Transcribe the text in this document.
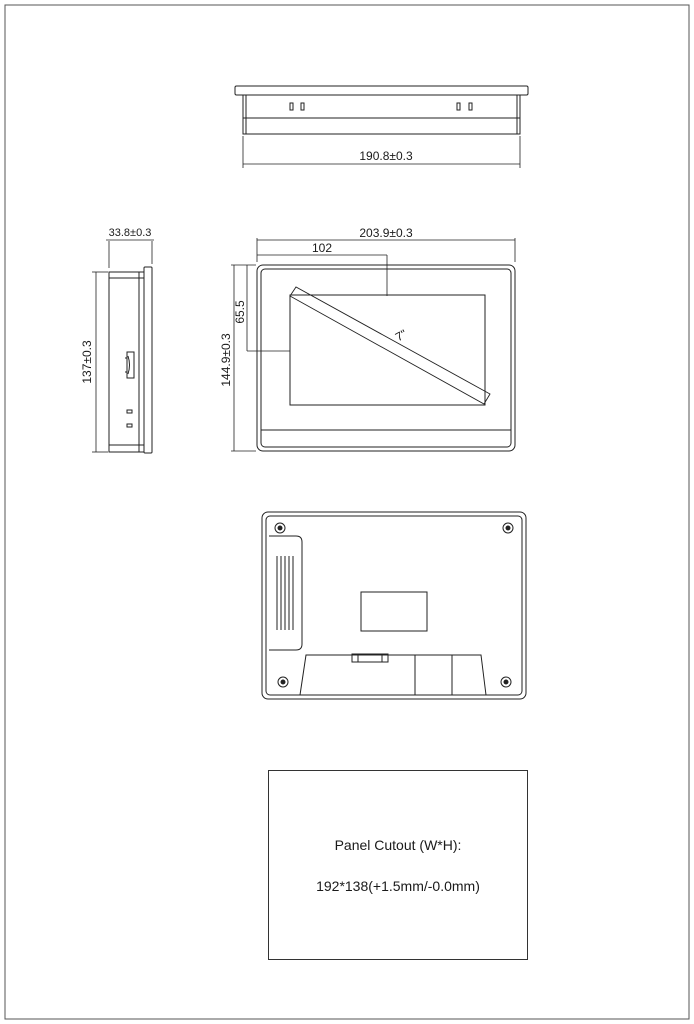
190.8±0.3
33.8±0.3
137±0.3
203.9±0.3
102
144.9±0.3
65.5
7"
Panel Cutout (W*H):
192*138(+1.5mm/-0.0mm)
